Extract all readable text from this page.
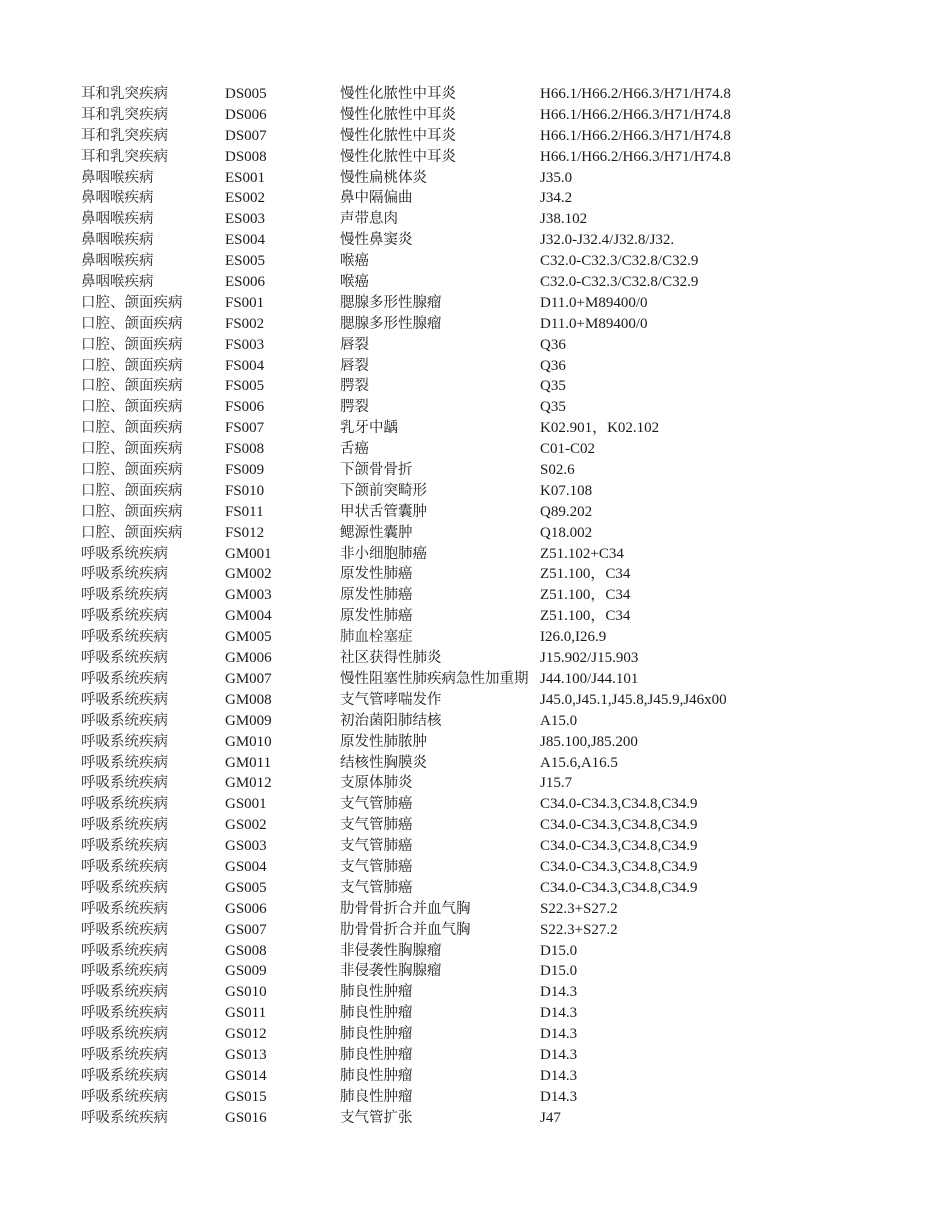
耳和乳突疾病	DS005	慢性化脓性中耳炎	H66.1/H66.2/H66.3/H71/H74.8
耳和乳突疾病	DS006	慢性化脓性中耳炎	H66.1/H66.2/H66.3/H71/H74.8
耳和乳突疾病	DS007	慢性化脓性中耳炎	H66.1/H66.2/H66.3/H71/H74.8
耳和乳突疾病	DS008	慢性化脓性中耳炎	H66.1/H66.2/H66.3/H71/H74.8
鼻咽喉疾病	ES001	慢性扁桃体炎	J35.0
鼻咽喉疾病	ES002	鼻中隔偏曲	J34.2
鼻咽喉疾病	ES003	声带息肉	J38.102
鼻咽喉疾病	ES004	慢性鼻窦炎	J32.0-J32.4/J32.8/J32.
鼻咽喉疾病	ES005	喉癌	C32.0-C32.3/C32.8/C32.9
鼻咽喉疾病	ES006	喉癌	C32.0-C32.3/C32.8/C32.9
口腔、颌面疾病	FS001	腮腺多形性腺瘤	D11.0+M89400/0
口腔、颌面疾病	FS002	腮腺多形性腺瘤	D11.0+M89400/0
口腔、颌面疾病	FS003	唇裂	Q36
口腔、颌面疾病	FS004	唇裂	Q36
口腔、颌面疾病	FS005	腭裂	Q35
口腔、颌面疾病	FS006	腭裂	Q35
口腔、颌面疾病	FS007	乳牙中龋	K02.901，K02.102
口腔、颌面疾病	FS008	舌癌	C01-C02
口腔、颌面疾病	FS009	下颌骨骨折	S02.6
口腔、颌面疾病	FS010	下颌前突畸形	K07.108
口腔、颌面疾病	FS011	甲状舌管囊肿	Q89.202
口腔、颌面疾病	FS012	鳃源性囊肿	Q18.002
呼吸系统疾病	GM001	非小细胞肺癌	Z51.102+C34
呼吸系统疾病	GM002	原发性肺癌	Z51.100，C34
呼吸系统疾病	GM003	原发性肺癌	Z51.100，C34
呼吸系统疾病	GM004	原发性肺癌	Z51.100，C34
呼吸系统疾病	GM005	肺血栓塞症	I26.0,I26.9
呼吸系统疾病	GM006	社区获得性肺炎	J15.902/J15.903
呼吸系统疾病	GM007	慢性阻塞性肺疾病急性加重期 J44.100/J44.101
呼吸系统疾病	GM008	支气管哮喘发作	J45.0,J45.1,J45.8,J45.9,J46x00
呼吸系统疾病	GM009	初治菌阳肺结核	A15.0
呼吸系统疾病	GM010	原发性肺脓肿	J85.100,J85.200
呼吸系统疾病	GM011	结核性胸膜炎	A15.6,A16.5
呼吸系统疾病	GM012	支原体肺炎	J15.7
呼吸系统疾病	GS001	支气管肺癌	C34.0-C34.3,C34.8,C34.9
呼吸系统疾病	GS002	支气管肺癌	C34.0-C34.3,C34.8,C34.9
呼吸系统疾病	GS003	支气管肺癌	C34.0-C34.3,C34.8,C34.9
呼吸系统疾病	GS004	支气管肺癌	C34.0-C34.3,C34.8,C34.9
呼吸系统疾病	GS005	支气管肺癌	C34.0-C34.3,C34.8,C34.9
呼吸系统疾病	GS006	肋骨骨折合并血气胸	S22.3+S27.2
呼吸系统疾病	GS007	肋骨骨折合并血气胸	S22.3+S27.2
呼吸系统疾病	GS008	非侵袭性胸腺瘤	D15.0
呼吸系统疾病	GS009	非侵袭性胸腺瘤	D15.0
呼吸系统疾病	GS010	肺良性肿瘤	D14.3
呼吸系统疾病	GS011	肺良性肿瘤	D14.3
呼吸系统疾病	GS012	肺良性肿瘤	D14.3
呼吸系统疾病	GS013	肺良性肿瘤	D14.3
呼吸系统疾病	GS014	肺良性肿瘤	D14.3
呼吸系统疾病	GS015	肺良性肿瘤	D14.3
呼吸系统疾病	GS016	支气管扩张	J47
